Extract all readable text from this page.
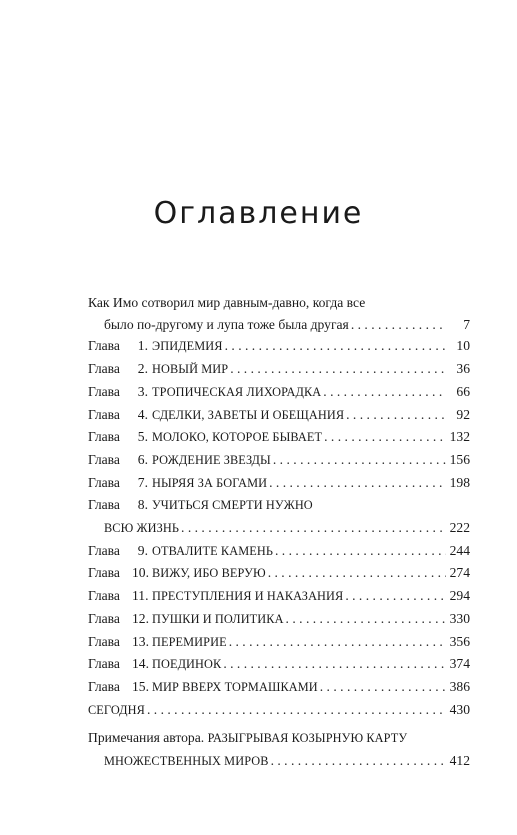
Оглавление
Как Имо сотворил мир давным-давно, когда все
было по-другому и лупа тоже была другая . . .	7
Глава 1. ЭПИДЕМИЯ . . .	10
Глава 2. НОВЫЙ МИР . . .	36
Глава 3. ТРОПИЧЕСКАЯ ЛИХОРАДКА . . .	66
Глава 4. СДЕЛКИ, ЗАВЕТЫ И ОБЕЩАНИЯ . . .	92
Глава 5. МОЛОКО, КОТОРОЕ БЫВАЕТ . . .	132
Глава 6. РОЖДЕНИЕ ЗВЕЗДЫ . . .	156
Глава 7. НЫРЯЯ ЗА БОГАМИ . . .	198
Глава 8. УЧИТЬСЯ СМЕРТИ НУЖНО
ВСЮ ЖИЗНЬ . . .	222
Глава 9. ОТВАЛИТЕ КАМЕНЬ . . .	244
Глава 10. ВИЖУ, ИБО ВЕРУЮ . . .	274
Глава 11. ПРЕСТУПЛЕНИЯ И НАКАЗАНИЯ . . .	294
Глава 12. ПУШКИ И ПОЛИТИКА . . .	330
Глава 13. ПЕРЕМИРИЕ . . .	356
Глава 14. ПОЕДИНОК . . .	374
Глава 15. МИР ВВЕРХ ТОРМАШКАМИ . . .	386
СЕГОДНЯ . . .	430
Примечания автора. РАЗЫГРЫВАЯ КОЗЫРНУЮ КАРТУ
МНОЖЕСТВЕННЫХ МИРОВ . . .	412
